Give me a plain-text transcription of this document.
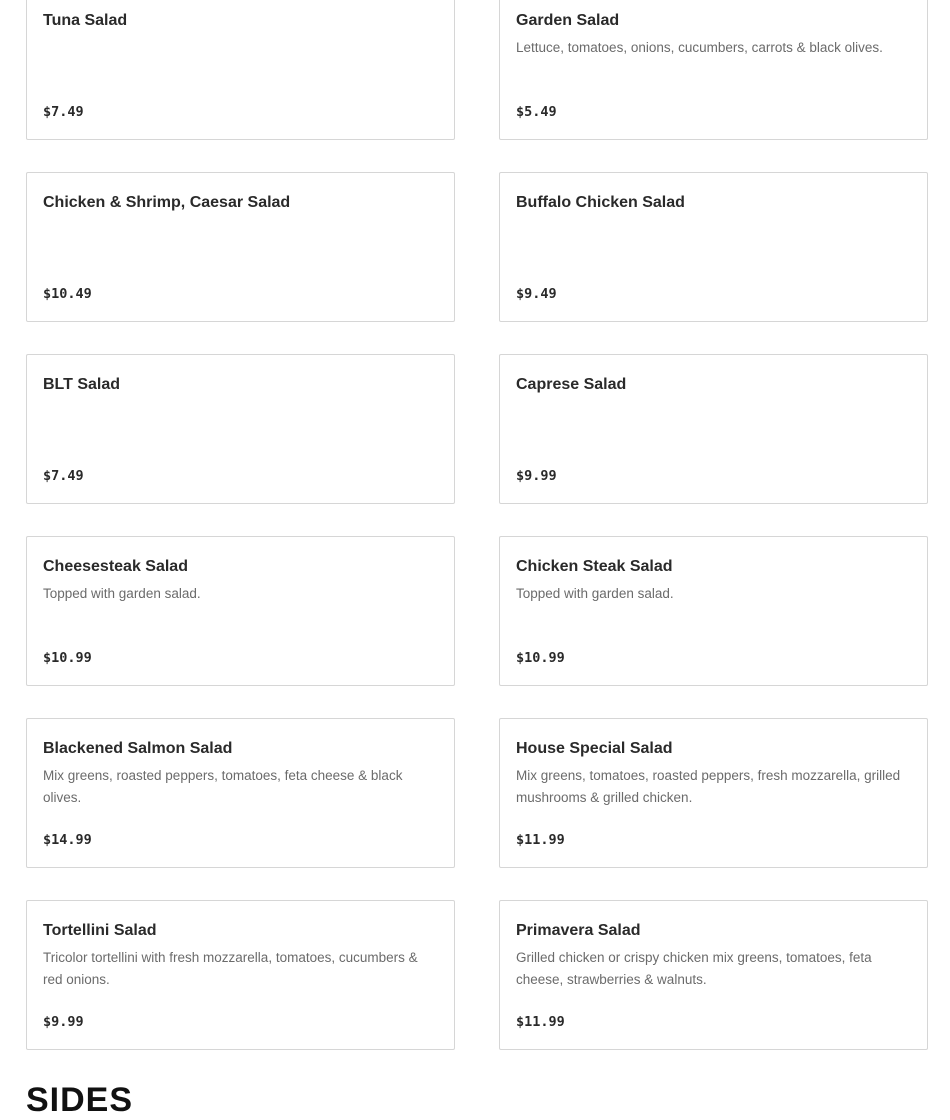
Tuna Salad
$7.49
Garden Salad
Lettuce, tomatoes, onions, cucumbers, carrots & black olives.
$5.49
Chicken & Shrimp, Caesar Salad
$10.49
Buffalo Chicken Salad
$9.49
BLT Salad
$7.49
Caprese Salad
$9.99
Cheesesteak Salad
Topped with garden salad.
$10.99
Chicken Steak Salad
Topped with garden salad.
$10.99
Blackened Salmon Salad
Mix greens, roasted peppers, tomatoes, feta cheese & black olives.
$14.99
House Special Salad
Mix greens, tomatoes, roasted peppers, fresh mozzarella, grilled mushrooms & grilled chicken.
$11.99
Tortellini Salad
Tricolor tortellini with fresh mozzarella, tomatoes, cucumbers & red onions.
$9.99
Primavera Salad
Grilled chicken or crispy chicken mix greens, tomatoes, feta cheese, strawberries & walnuts.
$11.99
SIDES
